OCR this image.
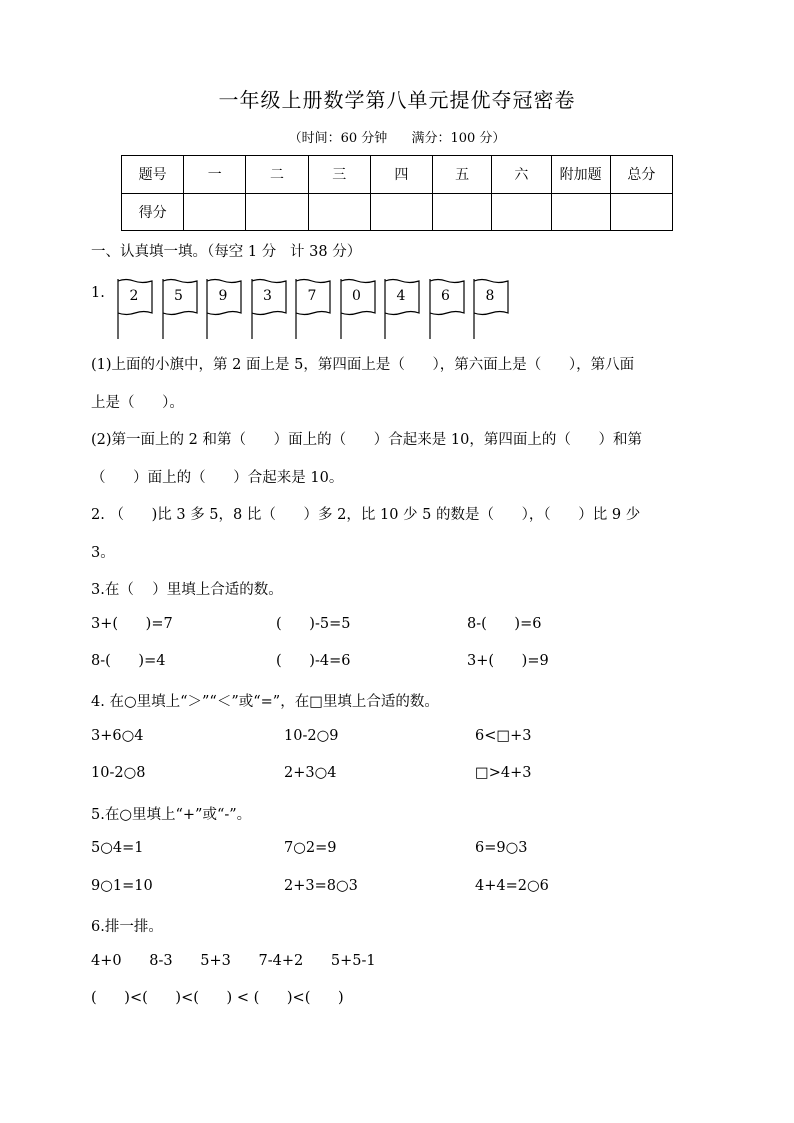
一年级上册数学第八单元提优夺冠密卷
（时间：60 分钟 满分：100 分）
题号	一	二	三	四	五	六	附加题	总分
得分								
一、认真填一填。（每空 1 分   计 38 分）
1.	2	5	9	3	7	0	4	6	8
(1)上面的小旗中，第 2 面上是 5，第四面上是（      ），第六面上是（      ），第八面
上是（      ）。
(2)第一面上的 2 和第（      ）面上的（      ）合起来是 10，第四面上的（      ）和第
（      ）面上的（      ）合起来是 10。
2. （      )比 3 多 5，8 比（      ）多 2，比 10 少 5 的数是（      ），（      ）比 9 少
3。
3.在（    ）里填上合适的数。
3+(      )=7	(      )-5=5	8-(      )=6
8-(      )=4	(      )-4=6	3+(      )=9
4. 在○里填上“＞”“＜”或“=”，在□里填上合适的数。
3+6○4	10-2○9	6<□+3
10-2○8	2+3○4	□>4+3
5.在○里填上“+”或“-”。
5○4=1	7○2=9	6=9○3
9○1=10	2+3=8○3	4+4=2○6
6.排一排。
4+0      8-3      5+3      7-4+2      5+5-1
(      )<(      )<(      ) < (      )<(      )
